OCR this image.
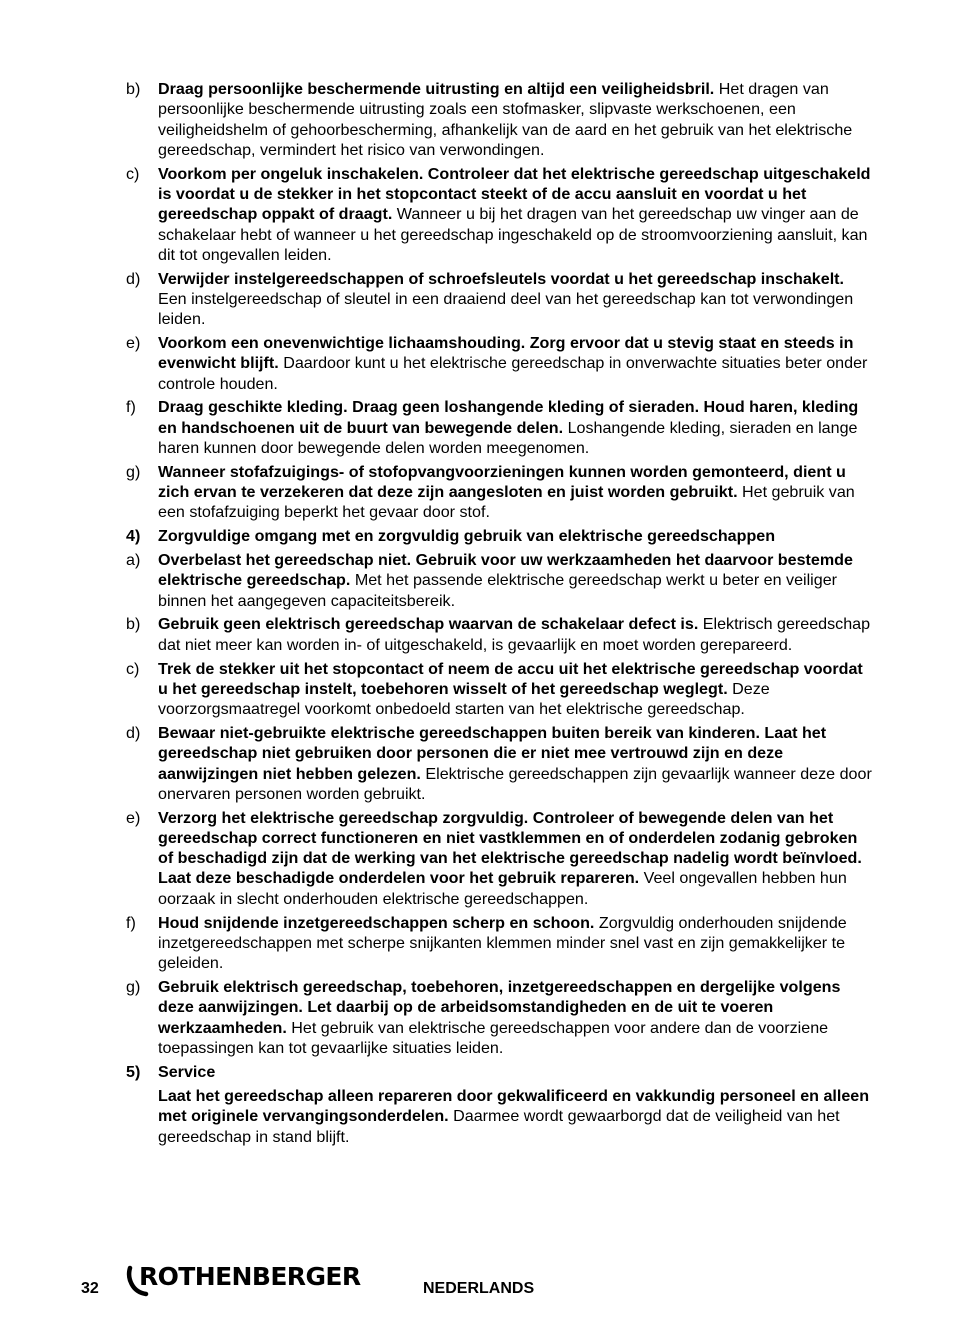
b)	Draag persoonlijke beschermende uitrusting en altijd een veiligheidsbril. Het dragen van persoonlijke beschermende uitrusting zoals een stofmasker, slipvaste werkschoenen, een veiligheidshelm of gehoorbescherming, afhankelijk van de aard en het gebruik van het elektrische gereedschap, vermindert het risico van verwondingen.
c)	Voorkom per ongeluk inschakelen. Controleer dat het elektrische gereedschap uitgeschakeld is voordat u de stekker in het stopcontact steekt of de accu aansluit en voordat u het gereedschap oppakt of draagt. Wanneer u bij het dragen van het gereedschap uw vinger aan de schakelaar hebt of wanneer u het gereedschap ingeschakeld op de stroomvoorziening aansluit, kan dit tot ongevallen leiden.
d)	Verwijder instelgereedschappen of schroefsleutels voordat u het gereedschap inschakelt. Een instelgereedschap of sleutel in een draaiend deel van het gereedschap kan tot verwondingen leiden.
e)	Voorkom een onevenwichtige lichaamshouding. Zorg ervoor dat u stevig staat en steeds in evenwicht blijft. Daardoor kunt u het elektrische gereedschap in onverwachte situaties beter onder controle houden.
f)	Draag geschikte kleding. Draag geen loshangende kleding of sieraden. Houd haren, kleding en handschoenen uit de buurt van bewegende delen. Loshangende kleding, sieraden en lange haren kunnen door bewegende delen worden meegenomen.
g)	Wanneer stofafzuigings- of stofopvangvoorzieningen kunnen worden gemonteerd, dient u zich ervan te verzekeren dat deze zijn aangesloten en juist worden gebruikt. Het gebruik van een stofafzuiging beperkt het gevaar door stof.
4)	Zorgvuldige omgang met en zorgvuldig gebruik van elektrische gereedschappen
a)	Overbelast het gereedschap niet. Gebruik voor uw werkzaamheden het daarvoor bestemde elektrische gereedschap. Met het passende elektrische gereedschap werkt u beter en veiliger binnen het aangegeven capaciteitsbereik.
b)	Gebruik geen elektrisch gereedschap waarvan de schakelaar defect is. Elektrisch gereedschap dat niet meer kan worden in- of uitgeschakeld, is gevaarlijk en moet worden gerepareerd.
c)	Trek de stekker uit het stopcontact of neem de accu uit het elektrische gereedschap voordat u het gereedschap instelt, toebehoren wisselt of het gereedschap weglegt. Deze voorzorgsmaatregel voorkomt onbedoeld starten van het elektrische gereedschap.
d)	Bewaar niet-gebruikte elektrische gereedschappen buiten bereik van kinderen. Laat het gereedschap niet gebruiken door personen die er niet mee vertrouwd zijn en deze aanwijzingen niet hebben gelezen. Elektrische gereedschappen zijn gevaarlijk wanneer deze door onervaren personen worden gebruikt.
e)	Verzorg het elektrische gereedschap zorgvuldig. Controleer of bewegende delen van het gereedschap correct functioneren en niet vastklemmen en of onderdelen zodanig gebroken of beschadigd zijn dat de werking van het elektrische gereedschap nadelig wordt beïnvloed. Laat deze beschadigde onderdelen voor het gebruik repareren. Veel ongevallen hebben hun oorzaak in slecht onderhouden elektrische gereedschappen.
f)	Houd snijdende inzetgereedschappen scherp en schoon. Zorgvuldig onderhouden snijdende inzetgereedschappen met scherpe snijkanten klemmen minder snel vast en zijn gemakkelijker te geleiden.
g)	Gebruik elektrisch gereedschap, toebehoren, inzetgereedschappen en dergelijke volgens deze aanwijzingen. Let daarbij op de arbeidsomstandigheden en de uit te voeren werkzaamheden. Het gebruik van elektrische gereedschappen voor andere dan de voorziene toepassingen kan tot gevaarlijke situaties leiden.
5)	Service
Laat het gereedschap alleen repareren door gekwalificeerd en vakkundig personeel en alleen met originele vervangingsonderdelen. Daarmee wordt gewaarborgd dat de veiligheid van het gereedschap in stand blijft.
32 ROTHENBERGER	NEDERLANDS
